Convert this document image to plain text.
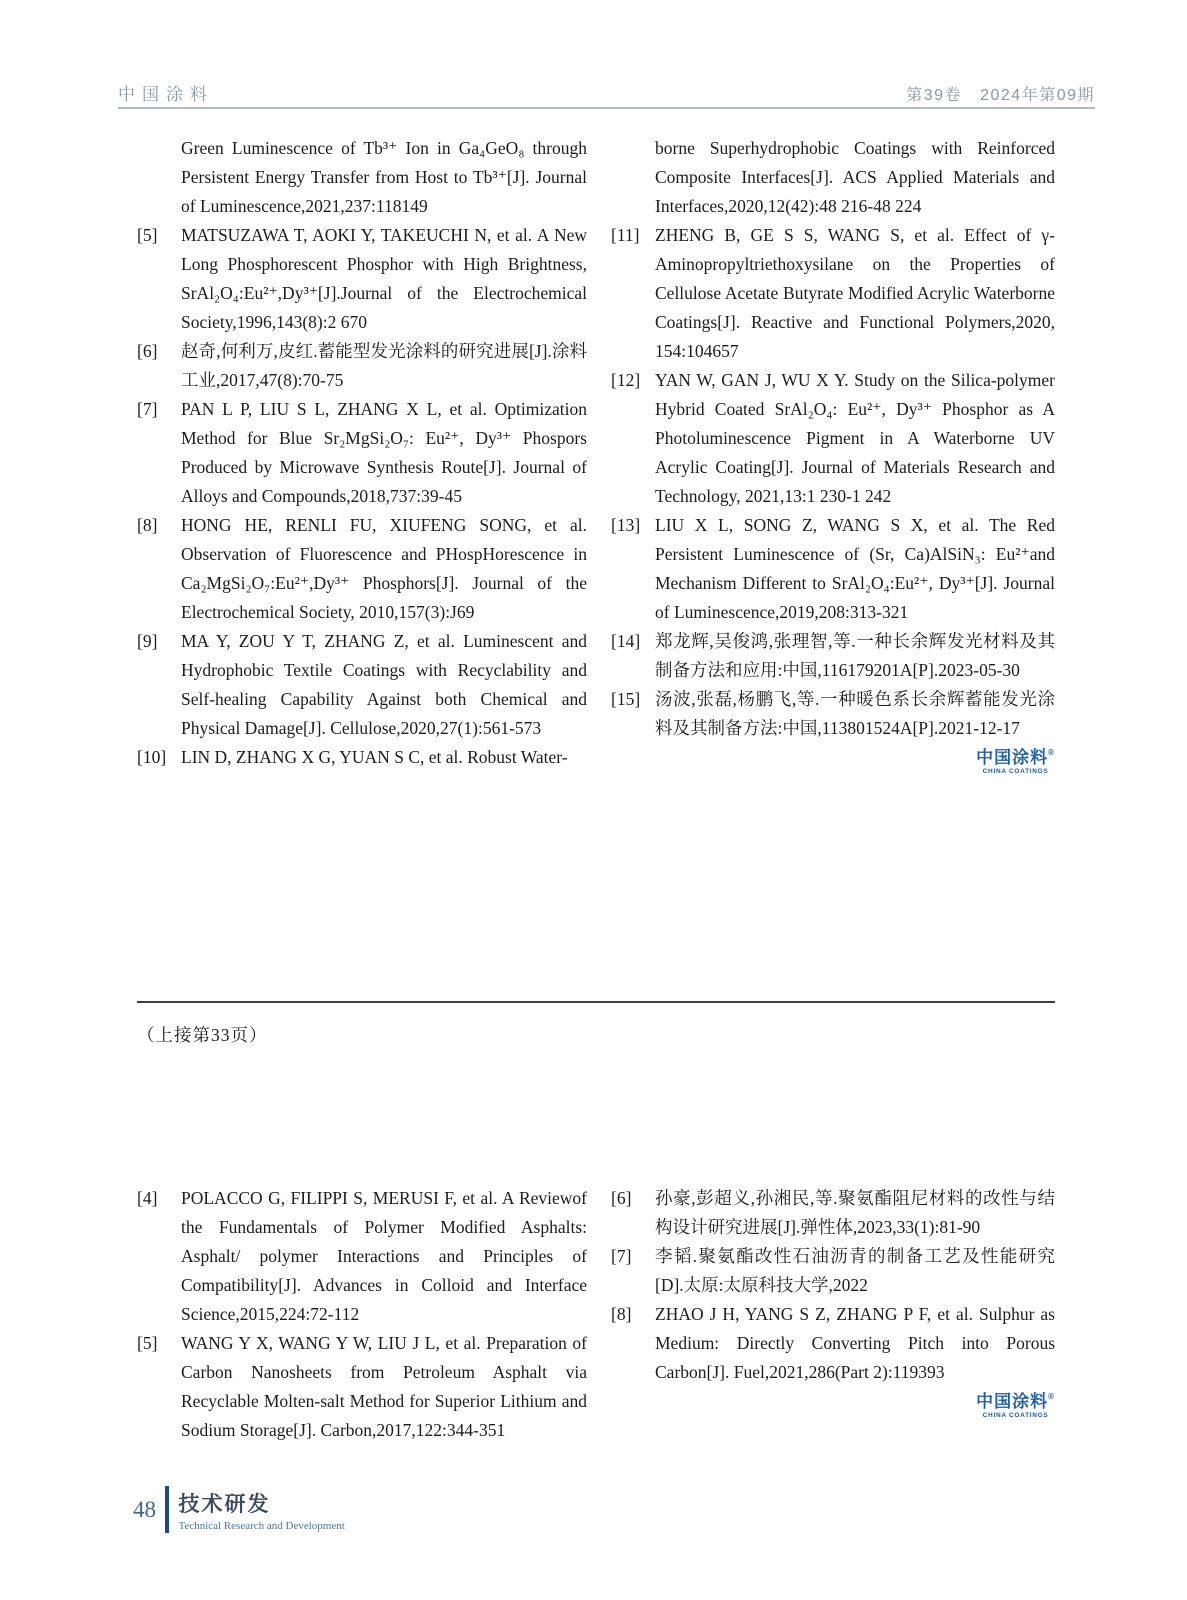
中国涂料	第39卷 2024年第09期
Green Luminescence of Tb³⁺ Ion in Ga₄GeO₈ through Persistent Energy Transfer from Host to Tb³⁺[J]. Journal of Luminescence,2021,237:118149
[5]	MATSUZAWA T, AOKI Y, TAKEUCHI N, et al. A New Long Phosphorescent Phosphor with High Brightness, SrAl₂O₄:Eu²⁺,Dy³⁺[J].Journal of the Electrochemical Society,1996,143(8):2 670
[6]	赵奇,何利万,皮红.蓄能型发光涂料的研究进展[J].涂料工业,2017,47(8):70-75
[7]	PAN L P, LIU S L, ZHANG X L, et al. Optimization Method for Blue Sr₂MgSi₂O₇: Eu²⁺, Dy³⁺ Phospors Produced by Microwave Synthesis Route[J]. Journal of Alloys and Compounds,2018,737:39-45
[8]	HONG HE, RENLI FU, XIUFENG SONG, et al. Observation of Fluorescence and PHospHorescence in Ca₂MgSi₂O₇:Eu²⁺,Dy³⁺ Phosphors[J]. Journal of the Electrochemical Society, 2010,157(3):J69
[9]	MA Y, ZOU Y T, ZHANG Z, et al. Luminescent and Hydrophobic Textile Coatings with Recyclability and Self-healing Capability Against both Chemical and Physical Damage[J]. Cellulose,2020,27(1):561-573
[10] LIN D, ZHANG X G, YUAN S C, et al. Robust Water-
borne Superhydrophobic Coatings with Reinforced Composite Interfaces[J]. ACS Applied Materials and Interfaces,2020,12(42):48 216-48 224
[11] ZHENG B, GE S S, WANG S, et al. Effect of γ-Aminopropyltriethoxysilane on the Properties of Cellulose Acetate Butyrate Modified Acrylic Waterborne Coatings[J]. Reactive and Functional Polymers,2020, 154:104657
[12] YAN W, GAN J, WU X Y. Study on the Silica-polymer Hybrid Coated SrAl₂O₄: Eu²⁺, Dy³⁺ Phosphor as A Photoluminescence Pigment in A Waterborne UV Acrylic Coating[J]. Journal of Materials Research and Technology, 2021,13:1 230-1 242
[13] LIU X L, SONG Z, WANG S X, et al. The Red Persistent Luminescence of (Sr, Ca)AlSiN₃: Eu²⁺and Mechanism Different to SrAl₂O₄:Eu²⁺, Dy³⁺[J]. Journal of Luminescence,2019,208:313-321
[14] 郑龙辉,吴俊鸿,张理智,等.一种长余辉发光材料及其制备方法和应用:中国,116179201A[P].2023-05-30
[15] 汤波,张磊,杨鹏飞,等.一种暖色系长余辉蓄能发光涂料及其制备方法:中国,113801524A[P].2021-12-17
中国涂料®
CHINA COATINGS
（上接第33页）
[4]	POLACCO G, FILIPPI S, MERUSI F, et al. A Reviewof the Fundamentals of Polymer Modified Asphalts: Asphalt/ polymer Interactions and Principles of Compatibility[J]. Advances in Colloid and Interface Science,2015,224:72-112
[5]	WANG Y X, WANG Y W, LIU J L, et al. Preparation of Carbon Nanosheets from Petroleum Asphalt via Recyclable Molten-salt Method for Superior Lithium and Sodium Storage[J]. Carbon,2017,122:344-351
[6]	孙豪,彭超义,孙湘民,等.聚氨酯阻尼材料的改性与结构设计研究进展[J].弹性体,2023,33(1):81-90
[7]	李韬.聚氨酯改性石油沥青的制备工艺及性能研究[D].太原:太原科技大学,2022
[8]	ZHAO J H, YANG S Z, ZHANG P F, et al. Sulphur as Medium: Directly Converting Pitch into Porous Carbon[J]. Fuel,2021,286(Part 2):119393
中国涂料®
CHINA COATINGS
48 技术研发
Technical Research and Development
